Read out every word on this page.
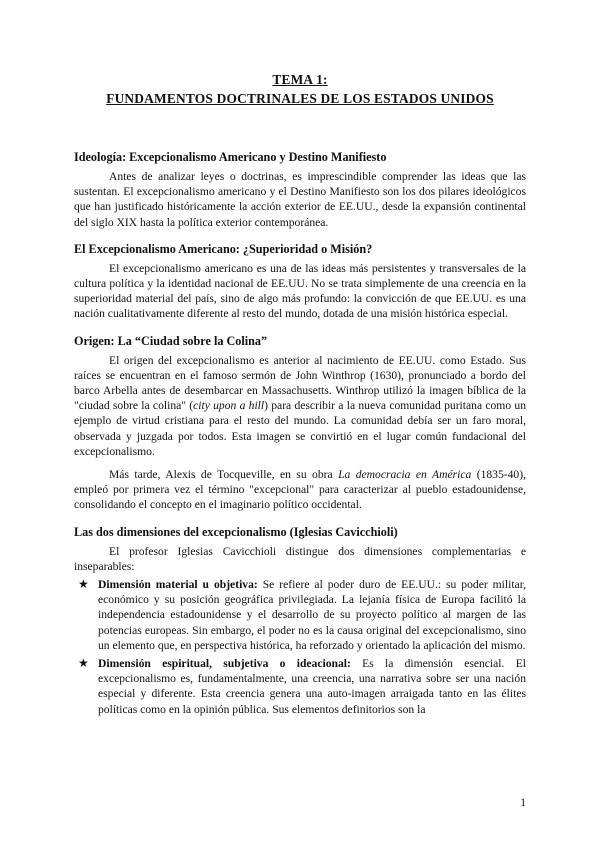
TEMA 1:
FUNDAMENTOS DOCTRINALES DE LOS ESTADOS UNIDOS
Ideología: Excepcionalismo Americano y Destino Manifiesto

Antes de analizar leyes o doctrinas, es imprescindible comprender las ideas que las sustentan. El excepcionalismo americano y el Destino Manifiesto son los dos pilares ideológicos que han justificado históricamente la acción exterior de EE.UU., desde la expansión continental del siglo XIX hasta la política exterior contemporánea.

El Excepcionalismo Americano: ¿Superioridad o Misión?

El excepcionalismo americano es una de las ideas más persistentes y transversales de la cultura política y la identidad nacional de EE.UU. No se trata simplemente de una creencia en la superioridad material del país, sino de algo más profundo: la convicción de que EE.UU. es una nación cualitativamente diferente al resto del mundo, dotada de una misión histórica especial.

Origen: La “Ciudad sobre la Colina”

El origen del excepcionalismo es anterior al nacimiento de EE.UU. como Estado. Sus raíces se encuentran en el famoso sermón de John Winthrop (1630), pronunciado a bordo del barco Arbella antes de desembarcar en Massachusetts. Winthrop utilizó la imagen bíblica de la "ciudad sobre la colina" (city upon a hill) para describir a la nueva comunidad puritana como un ejemplo de virtud cristiana para el resto del mundo. La comunidad debía ser un faro moral, observada y juzgada por todos. Esta imagen se convirtió en el lugar común fundacional del excepcionalismo.

Más tarde, Alexis de Tocqueville, en su obra La democracia en América (1835-40), empleó por primera vez el término "excepcional" para caracterizar al pueblo estadounidense, consolidando el concepto en el imaginario político occidental.

Las dos dimensiones del excepcionalismo (Iglesias Cavicchioli)

El profesor Iglesias Cavicchioli distingue dos dimensiones complementarias e inseparables:

★ Dimensión material u objetiva: Se refiere al poder duro de EE.UU.: su poder militar, económico y su posición geográfica privilegiada. La lejanía física de Europa facilitó la independencia estadounidense y el desarrollo de su proyecto político al margen de las potencias europeas. Sin embargo, el poder no es la causa original del excepcionalismo, sino un elemento que, en perspectiva histórica, ha reforzado y orientado la aplicación del mismo.
★ Dimensión espiritual, subjetiva o ideacional: Es la dimensión esencial. El excepcionalismo es, fundamentalmente, una creencia, una narrativa sobre ser una nación especial y diferente. Esta creencia genera una auto-imagen arraigada tanto en las élites políticas como en la opinión pública. Sus elementos definitorios son la
1
